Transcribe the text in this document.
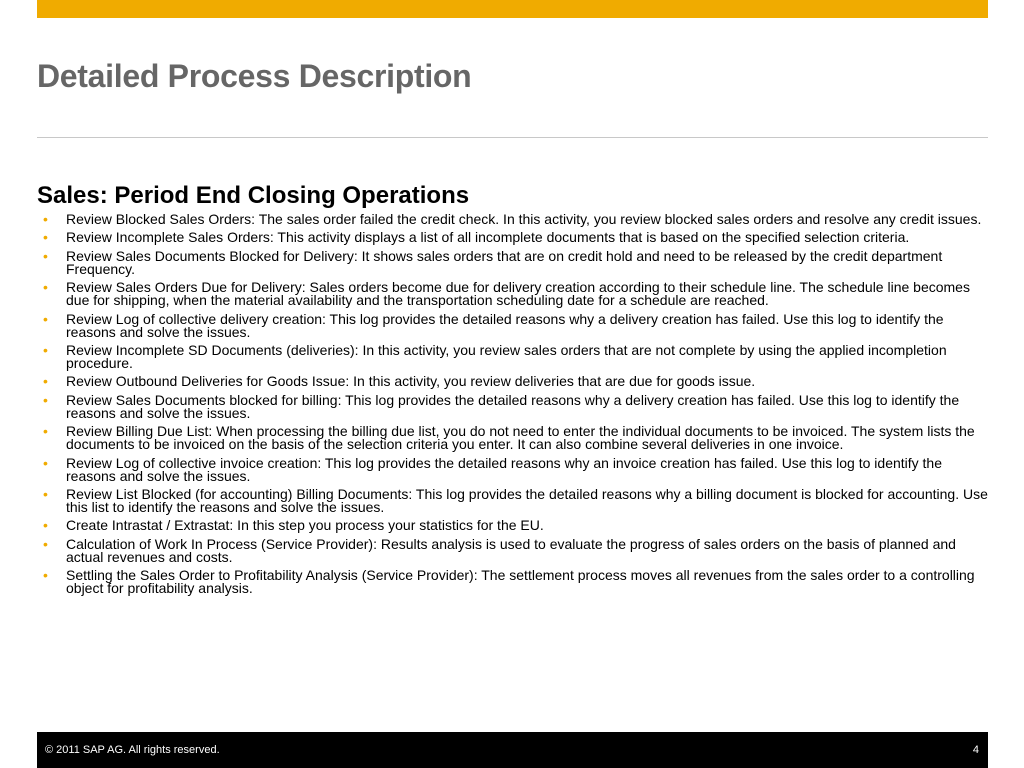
Detailed Process Description
Sales: Period End Closing Operations
• Review Blocked Sales Orders: The sales order failed the credit check. In this activity, you review blocked sales orders and resolve any credit issues.
• Review Incomplete Sales Orders: This activity displays a list of all incomplete documents that is based on the specified selection criteria.
• Review Sales Documents Blocked for Delivery: It shows sales orders that are on credit hold and need to be released by the credit department Frequency.
• Review Sales Orders Due for Delivery: Sales orders become due for delivery creation according to their schedule line. The schedule line becomes due for shipping, when the material availability and the transportation scheduling date for a schedule are reached.
• Review Log of collective delivery creation: This log provides the detailed reasons why a delivery creation has failed. Use this log to identify the reasons and solve the issues.
• Review Incomplete SD Documents (deliveries): In this activity, you review sales orders that are not complete by using the applied incompletion procedure.
• Review Outbound Deliveries for Goods Issue: In this activity, you review deliveries that are due for goods issue.
• Review Sales Documents blocked for billing: This log provides the detailed reasons why a delivery creation has failed. Use this log to identify the reasons and solve the issues.
• Review Billing Due List: When processing the billing due list, you do not need to enter the individual documents to be invoiced. The system lists the documents to be invoiced on the basis of the selection criteria you enter. It can also combine several deliveries in one invoice.
• Review Log of collective invoice creation: This log provides the detailed reasons why an invoice creation has failed. Use this log to identify the reasons and solve the issues.
• Review List Blocked (for accounting) Billing Documents: This log provides the detailed reasons why a billing document is blocked for accounting. Use this list to identify the reasons and solve the issues.
• Create Intrastat / Extrastat: In this step you process your statistics for the EU.
• Calculation of Work In Process (Service Provider): Results analysis is used to evaluate the progress of sales orders on the basis of planned and actual revenues and costs.
• Settling the Sales Order to Profitability Analysis (Service Provider): The settlement process moves all revenues from the sales order to a controlling object for profitability analysis.
© 2011 SAP AG. All rights reserved.	4
